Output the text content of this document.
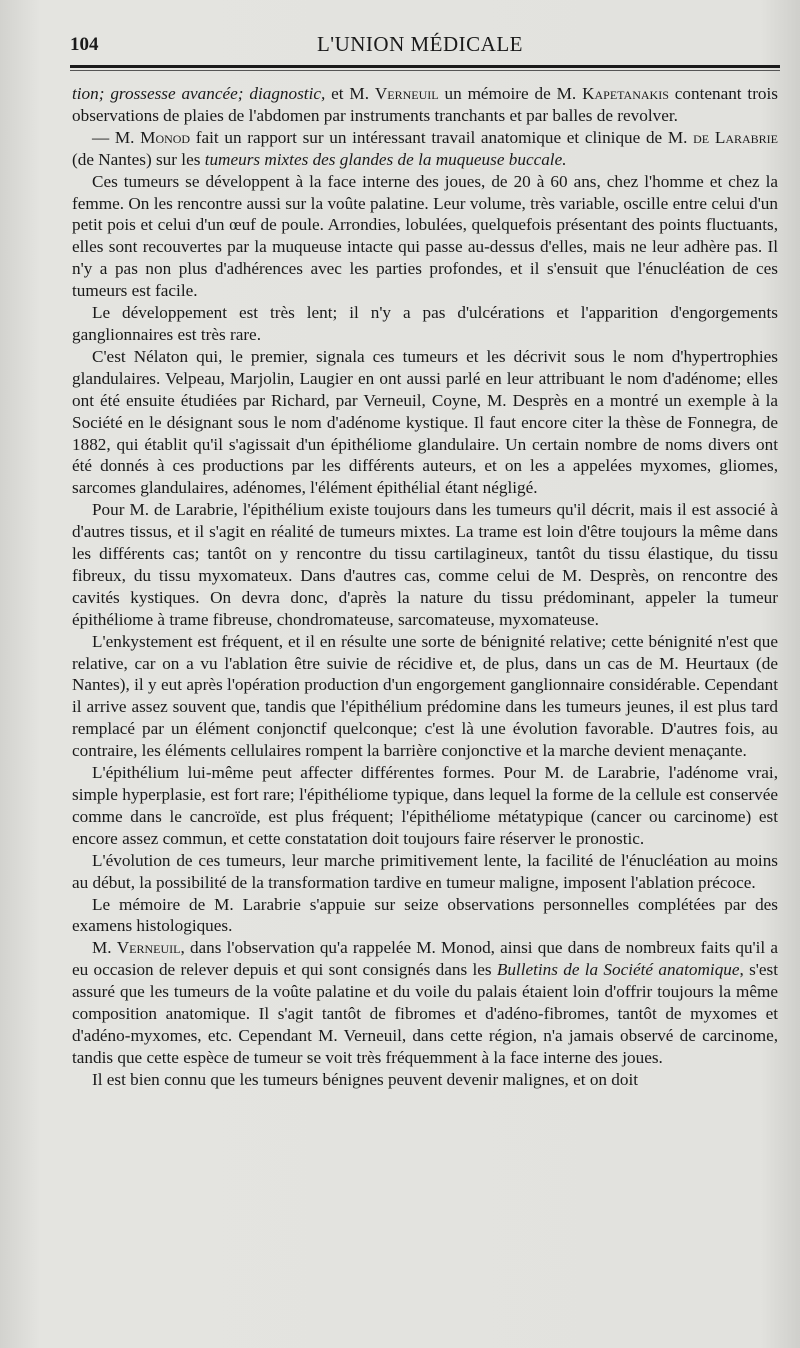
104	L'UNION MÉDICALE

tion; grossesse avancée; diagnostic, et M. Verneuil un mémoire de M. Kapetanakis contenant trois observations de plaies de l'abdomen par instruments tranchants et par balles de revolver.

— M. Monod fait un rapport sur un intéressant travail anatomique et clinique de M. de Larabrie (de Nantes) sur les tumeurs mixtes des glandes de la muqueuse buccale.

Ces tumeurs se développent à la face interne des joues, de 20 à 60 ans, chez l'homme et chez la femme. On les rencontre aussi sur la voûte palatine. Leur volume, très variable, oscille entre celui d'un petit pois et celui d'un œuf de poule. Arrondies, lobulées, quelquefois présentant des points fluctuants, elles sont recouvertes par la muqueuse intacte qui passe au-dessus d'elles, mais ne leur adhère pas. Il n'y a pas non plus d'adhérences avec les parties profondes, et il s'ensuit que l'énucléation de ces tumeurs est facile.

Le développement est très lent; il n'y a pas d'ulcérations et l'apparition d'engorgements ganglionnaires est très rare.

C'est Nélaton qui, le premier, signala ces tumeurs et les décrivit sous le nom d'hypertrophies glandulaires. Velpeau, Marjolin, Laugier en ont aussi parlé en leur attribuant le nom d'adénome; elles ont été ensuite étudiées par Richard, par Verneuil, Coyne, M. Desprès en a montré un exemple à la Société en le désignant sous le nom d'adénome kystique. Il faut encore citer la thèse de Fonnegra, de 1882, qui établit qu'il s'agissait d'un épithéliome glandulaire. Un certain nombre de noms divers ont été donnés à ces productions par les différents auteurs, et on les a appelées myxomes, gliomes, sarcomes glandulaires, adénomes, l'élément épithélial étant négligé.

Pour M. de Larabrie, l'épithélium existe toujours dans les tumeurs qu'il décrit, mais il est associé à d'autres tissus, et il s'agit en réalité de tumeurs mixtes. La trame est loin d'être toujours la même dans les différents cas; tantôt on y rencontre du tissu cartilagineux, tantôt du tissu élastique, du tissu fibreux, du tissu myxomateux. Dans d'autres cas, comme celui de M. Desprès, on rencontre des cavités kystiques. On devra donc, d'après la nature du tissu prédominant, appeler la tumeur épithéliome à trame fibreuse, chondromateuse, sarcomateuse, myxomateuse.

L'enkystement est fréquent, et il en résulte une sorte de bénignité relative; cette bénignité n'est que relative, car on a vu l'ablation être suivie de récidive et, de plus, dans un cas de M. Heurtaux (de Nantes), il y eut après l'opération production d'un engorgement ganglionnaire considérable. Cependant il arrive assez souvent que, tandis que l'épithélium prédomine dans les tumeurs jeunes, il est plus tard remplacé par un élément conjonctif quelconque; c'est là une évolution favorable. D'autres fois, au contraire, les éléments cellulaires rompent la barrière conjonctive et la marche devient menaçante.

L'épithélium lui-même peut affecter différentes formes. Pour M. de Larabrie, l'adénome vrai, simple hyperplasie, est fort rare; l'épithéliome typique, dans lequel la forme de la cellule est conservée comme dans le cancroïde, est plus fréquent; l'épithéliome métatypique (cancer ou carcinome) est encore assez commun, et cette constatation doit toujours faire réserver le pronostic.

L'évolution de ces tumeurs, leur marche primitivement lente, la facilité de l'énucléation au moins au début, la possibilité de la transformation tardive en tumeur maligne, imposent l'ablation précoce.

Le mémoire de M. Larabrie s'appuie sur seize observations personnelles complétées par des examens histologiques.

M. Verneuil, dans l'observation qu'a rappelée M. Monod, ainsi que dans de nombreux faits qu'il a eu occasion de relever depuis et qui sont consignés dans les Bulletins de la Société anatomique, s'est assuré que les tumeurs de la voûte palatine et du voile du palais étaient loin d'offrir toujours la même composition anatomique. Il s'agit tantôt de fibromes et d'adéno-fibromes, tantôt de myxomes et d'adéno-myxomes, etc. Cependant M. Verneuil, dans cette région, n'a jamais observé de carcinome, tandis que cette espèce de tumeur se voit très fréquemment à la face interne des joues.

Il est bien connu que les tumeurs bénignes peuvent devenir malignes, et on doit
